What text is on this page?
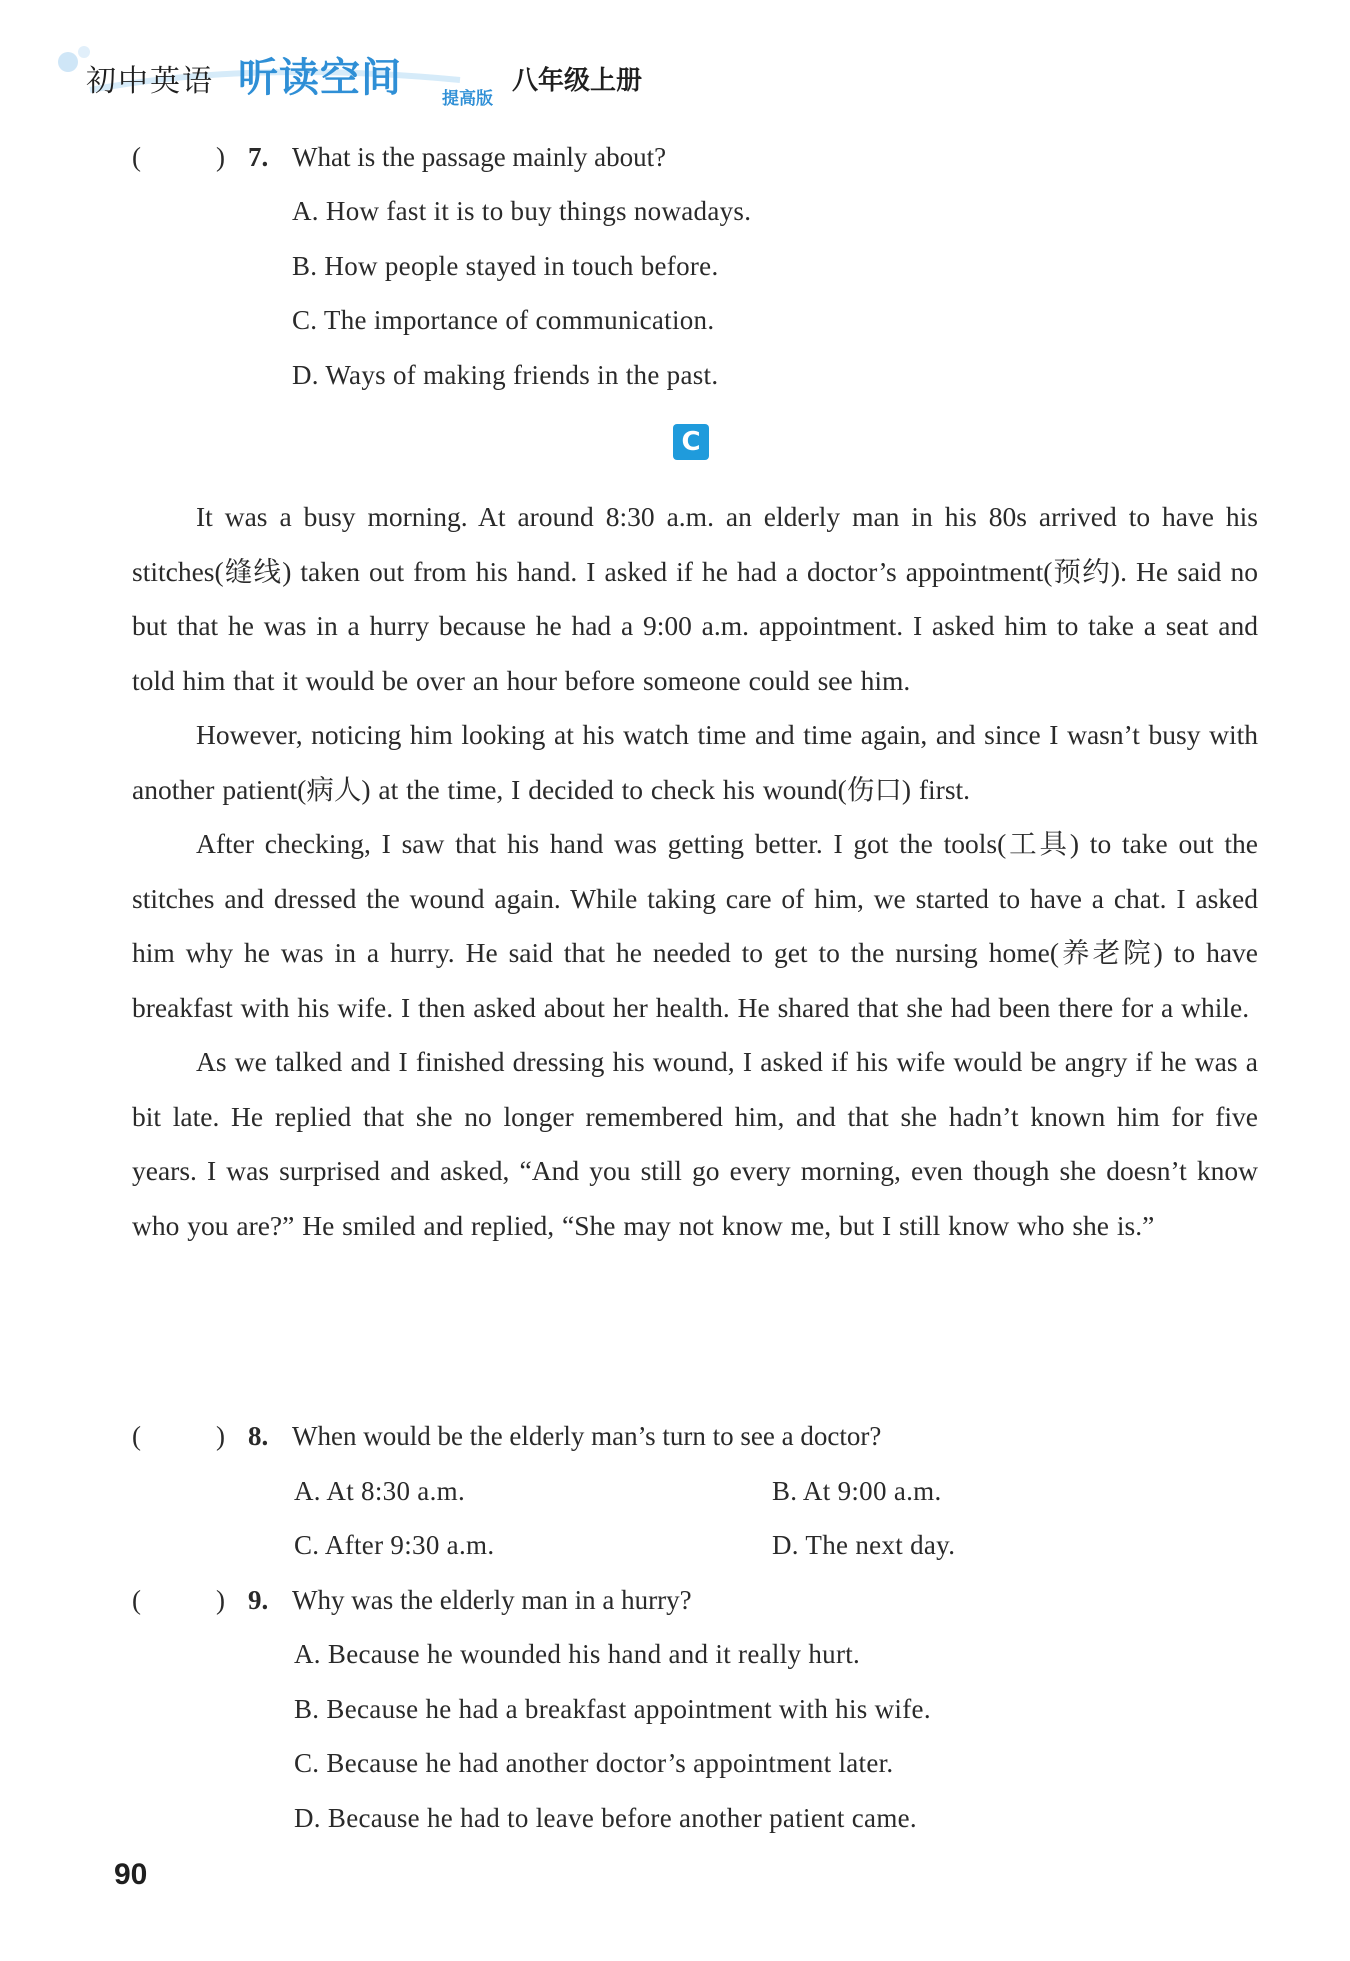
初中英语 听读空间 提高版
八年级上册
(	) 7. What is the passage mainly about?
A. How fast it is to buy things nowadays.
B. How people stayed in touch before.
C. The importance of communication.
D. Ways of making friends in the past.
C

It was a busy morning. At around 8:30 a.m. an elderly man in his 80s arrived to have his stitches(缝线) taken out from his hand. I asked if he had a doctor’s appointment(预约). He said no but that he was in a hurry because he had a 9:00 a.m. appointment. I asked him to take a seat and told him that it would be over an hour before someone could see him.

However, noticing him looking at his watch time and time again, and since I wasn’t busy with another patient(病人) at the time, I decided to check his wound(伤口) first.

After checking, I saw that his hand was getting better. I got the tools(工具) to take out the stitches and dressed the wound again. While taking care of him, we started to have a chat. I asked him why he was in a hurry. He said that he needed to get to the nursing home(养老院) to have breakfast with his wife. I then asked about her health. He shared that she had been there for a while.

As we talked and I finished dressing his wound, I asked if his wife would be angry if he was a bit late. He replied that she no longer remembered him, and that she hadn’t known him for five years. I was surprised and asked, “And you still go every morning, even though she doesn’t know who you are?” He smiled and replied, “She may not know me, but I still know who she is.”

(	) 8. When would be the elderly man’s turn to see a doctor?
A. At 8:30 a.m.	B. At 9:00 a.m.
C. After 9:30 a.m.	D. The next day.
(	) 9. Why was the elderly man in a hurry?
A. Because he wounded his hand and it really hurt.
B. Because he had a breakfast appointment with his wife.
C. Because he had another doctor’s appointment later.
D. Because he had to leave before another patient came.
90
